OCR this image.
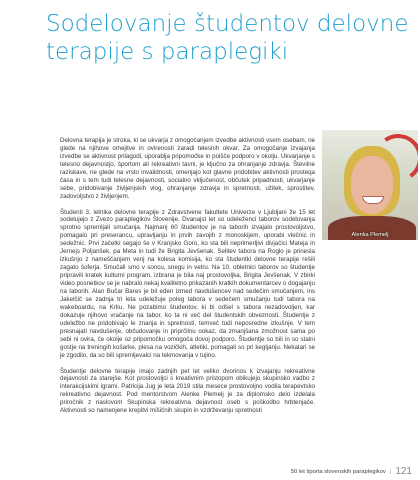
Sodelovanje študentov delovne
terapije s paraplegiki
Alenka Plemelj

Delovna terapija je stroka, ki se ukvarja z omogočanjem izvedbe aktivnosti vsem osebam, ne glede na njihove omejitve in ovirenosti zaradi telesnih okvar. Za omogočanje izvajanja izvedbe se aktivnost prilagodi, uporablja pripomočke in poišče podporo v okolju. Ukvarjanje s telesno dejavnostjo, športom ali rekreativni tavni, je ključno za ohranjanje zdravja. Številne raziskave, ne glede na vrsto invalidnosti, omenjajo kot glavne pridobitev aktivnosti prosteqa časa in s tem tudi telesne dejavnosti, socialno vključenost, občutek pripadnosti, ukvarjanje sebe, pridobivanje življenjskih vlog, ohranjanje zdravja in spretnosti, užitek, sprostitev, zadovoljstvo z življenjem.

Študenti 3. letnika delovne terapije z Zdravstvene fakultete Univerze v Ljubljani že 15 let sodelujejo z Zvezo paraplegikov Slovenije. Dvanajst let so udeleženci taborov sodelovanja sprotno spremljali smučanja. Najmanj 60 študentov je na taborih izvajalo prostovoljstvo, pomagalo pri preserancu, upravljanju in prvih zavojih z monoskijem, uporabi vlečnic in sedežnic. Prvi začetki segajo še v Kranjsko Goro, ko sta bili neprimerljivi divjačici Mateja in Jernejs Poljanšek, pa Meta in tudi že Brigita Jevšenak. Selitev tabora na Roglo je prinesla izkušnjo z nameščanjem venj na kolesa komisija, ko sta študentki delovne terapije rešili zagato šoferja. Smučali smo v soncu, snegu in vetru. Na 10. obletnici taborov so študentje pripravili kratek kulturni program, izbrana je bila naj prostovoljka, Brigita Jevšenak. V zbirki video posnetkov se je nabralo nekaj kvalitetno prikazanih kratkih dokumentarcev o dogajanju na taborih. Alan Bučar Bares je bil eden izmed navdušencev nad sedečim smučanjem, ins Jakelčič se zadnja tri leta udeležuje poleg tabora v sedečem smučanju tudi tabora na wakeboardu, na Krku. Ne pozabimo študentov, ki bi odšel s tabora nezadovoljen, kar dokazuje njihovo vračanje na tabor, ko ta ni več del študentskih obveznosti. Študentje z udeležbo ne pridobivajo le znanja in spretnosti, temveč tudi neposredne izkušnje. V tem presnajati navdušenje, občudovanje in priprčilnu ookaz, da zmanjšana zmožnost sama po sebi ni ovira, če okolje oz pripomočku omogoča dovoj podporo. Študentje so bili in so stalni gostje na treningih košarke, plesa na vozičkih, atletiki, pomagali so pri kegljanju. Nekatari se je zgodilo, da so bili spremljevalci na tekmovanja v tujino.

Študentje delovne terapije imajo zadnjih pet let veliko dvorinos k izvajanju rekreativne dejavnosti za starejše. Kot prostovoljci s kreativnim pristopom obikujejo skupinsko vadbo z interakcijskimi igrami. Patricija Jug je leta 2019 stila mesece prostovoljno vodila terapevtsko rekreativno dejavnost. Pod mentorstvom Alenke Plemelj je za diplomsko delo izdelala priročnik z naslovom Skupinska rekreativna dejavnost oseb s poškodbo hrbtenjače. Aktivnosti so namenjene krepitvi mišičnih skupin in vzdrževanju spretnosti

50 let športa slovenskih paraplegikov | 121
